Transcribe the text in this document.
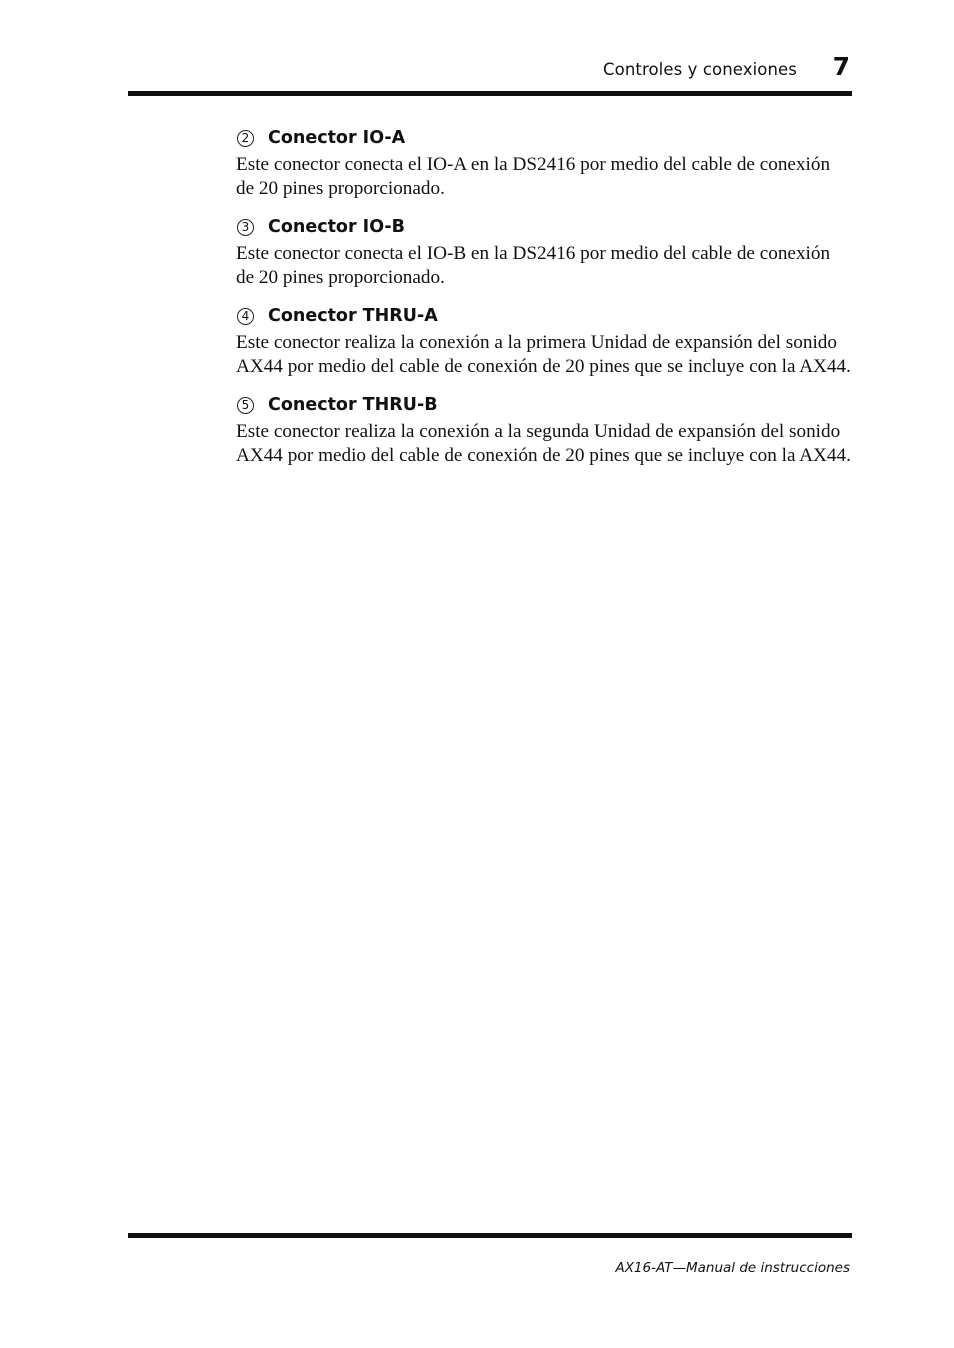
Controles y conexiones 7
2 Conector IO-A

Este conector conecta el IO-A en la DS2416 por medio del cable de conexión de 20 pines proporcionado.

3 Conector IO-B

Este conector conecta el IO-B en la DS2416 por medio del cable de conexión de 20 pines proporcionado.

4 Conector THRU-A

Este conector realiza la conexión a la primera Unidad de expansión del sonido AX44 por medio del cable de conexión de 20 pines que se incluye con la AX44.

5 Conector THRU-B

Este conector realiza la conexión a la segunda Unidad de expansión del sonido AX44 por medio del cable de conexión de 20 pines que se incluye con la AX44.

AX16-AT—Manual de instrucciones
